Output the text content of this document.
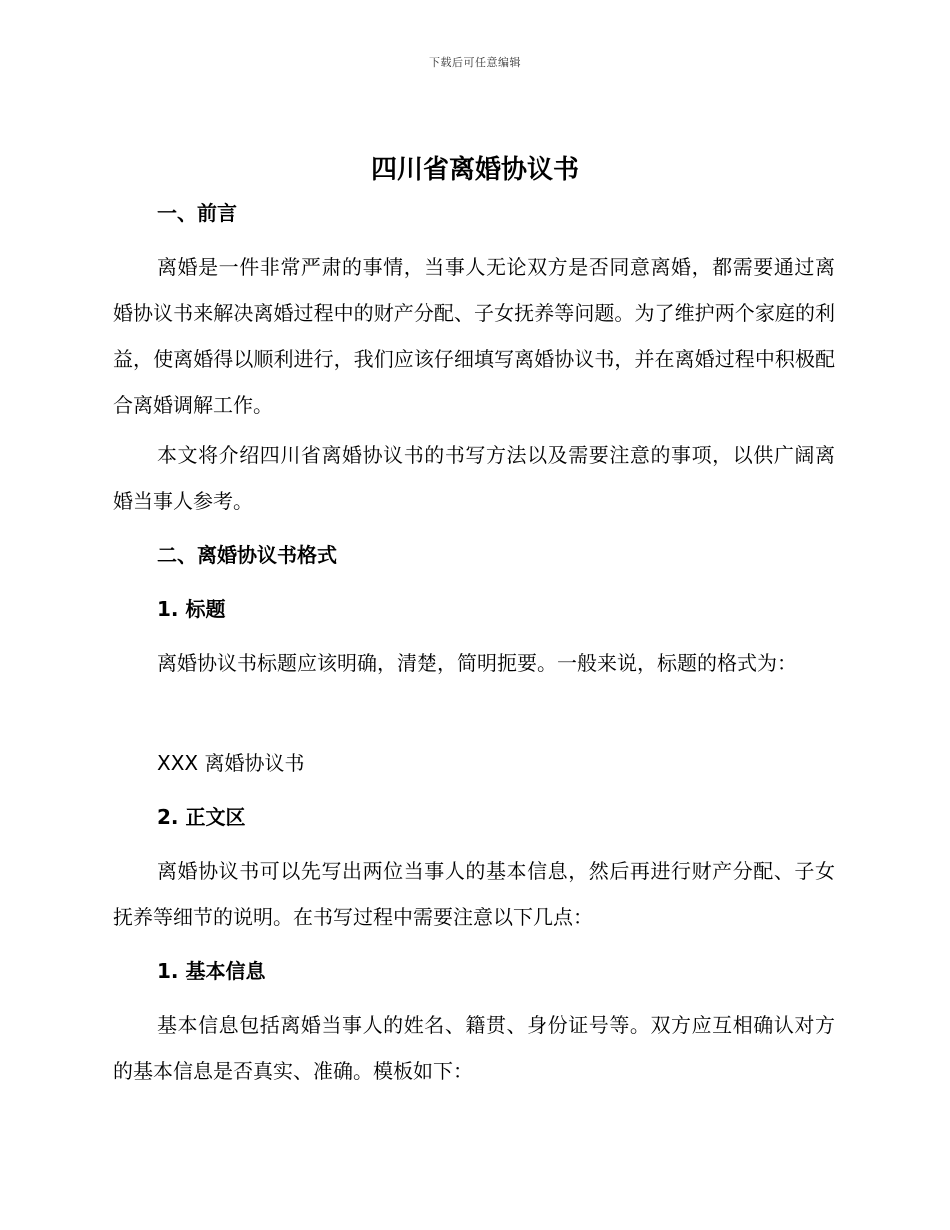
下载后可任意编辑
四川省离婚协议书

一、前言

离婚是一件非常严肃的事情，当事人无论双方是否同意离婚，都需要通过离婚协议书来解决离婚过程中的财产分配、子女抚养等问题。为了维护两个家庭的利益，使离婚得以顺利进行，我们应该仔细填写离婚协议书，并在离婚过程中积极配合离婚调解工作。

本文将介绍四川省离婚协议书的书写方法以及需要注意的事项，以供广阔离婚当事人参考。

二、离婚协议书格式

1. 标题

离婚协议书标题应该明确，清楚，简明扼要。一般来说，标题的格式为：

XXX 离婚协议书

2. 正文区

离婚协议书可以先写出两位当事人的基本信息，然后再进行财产分配、子女抚养等细节的说明。在书写过程中需要注意以下几点：

1. 基本信息

基本信息包括离婚当事人的姓名、籍贯、身份证号等。双方应互相确认对方的基本信息是否真实、准确。模板如下：
